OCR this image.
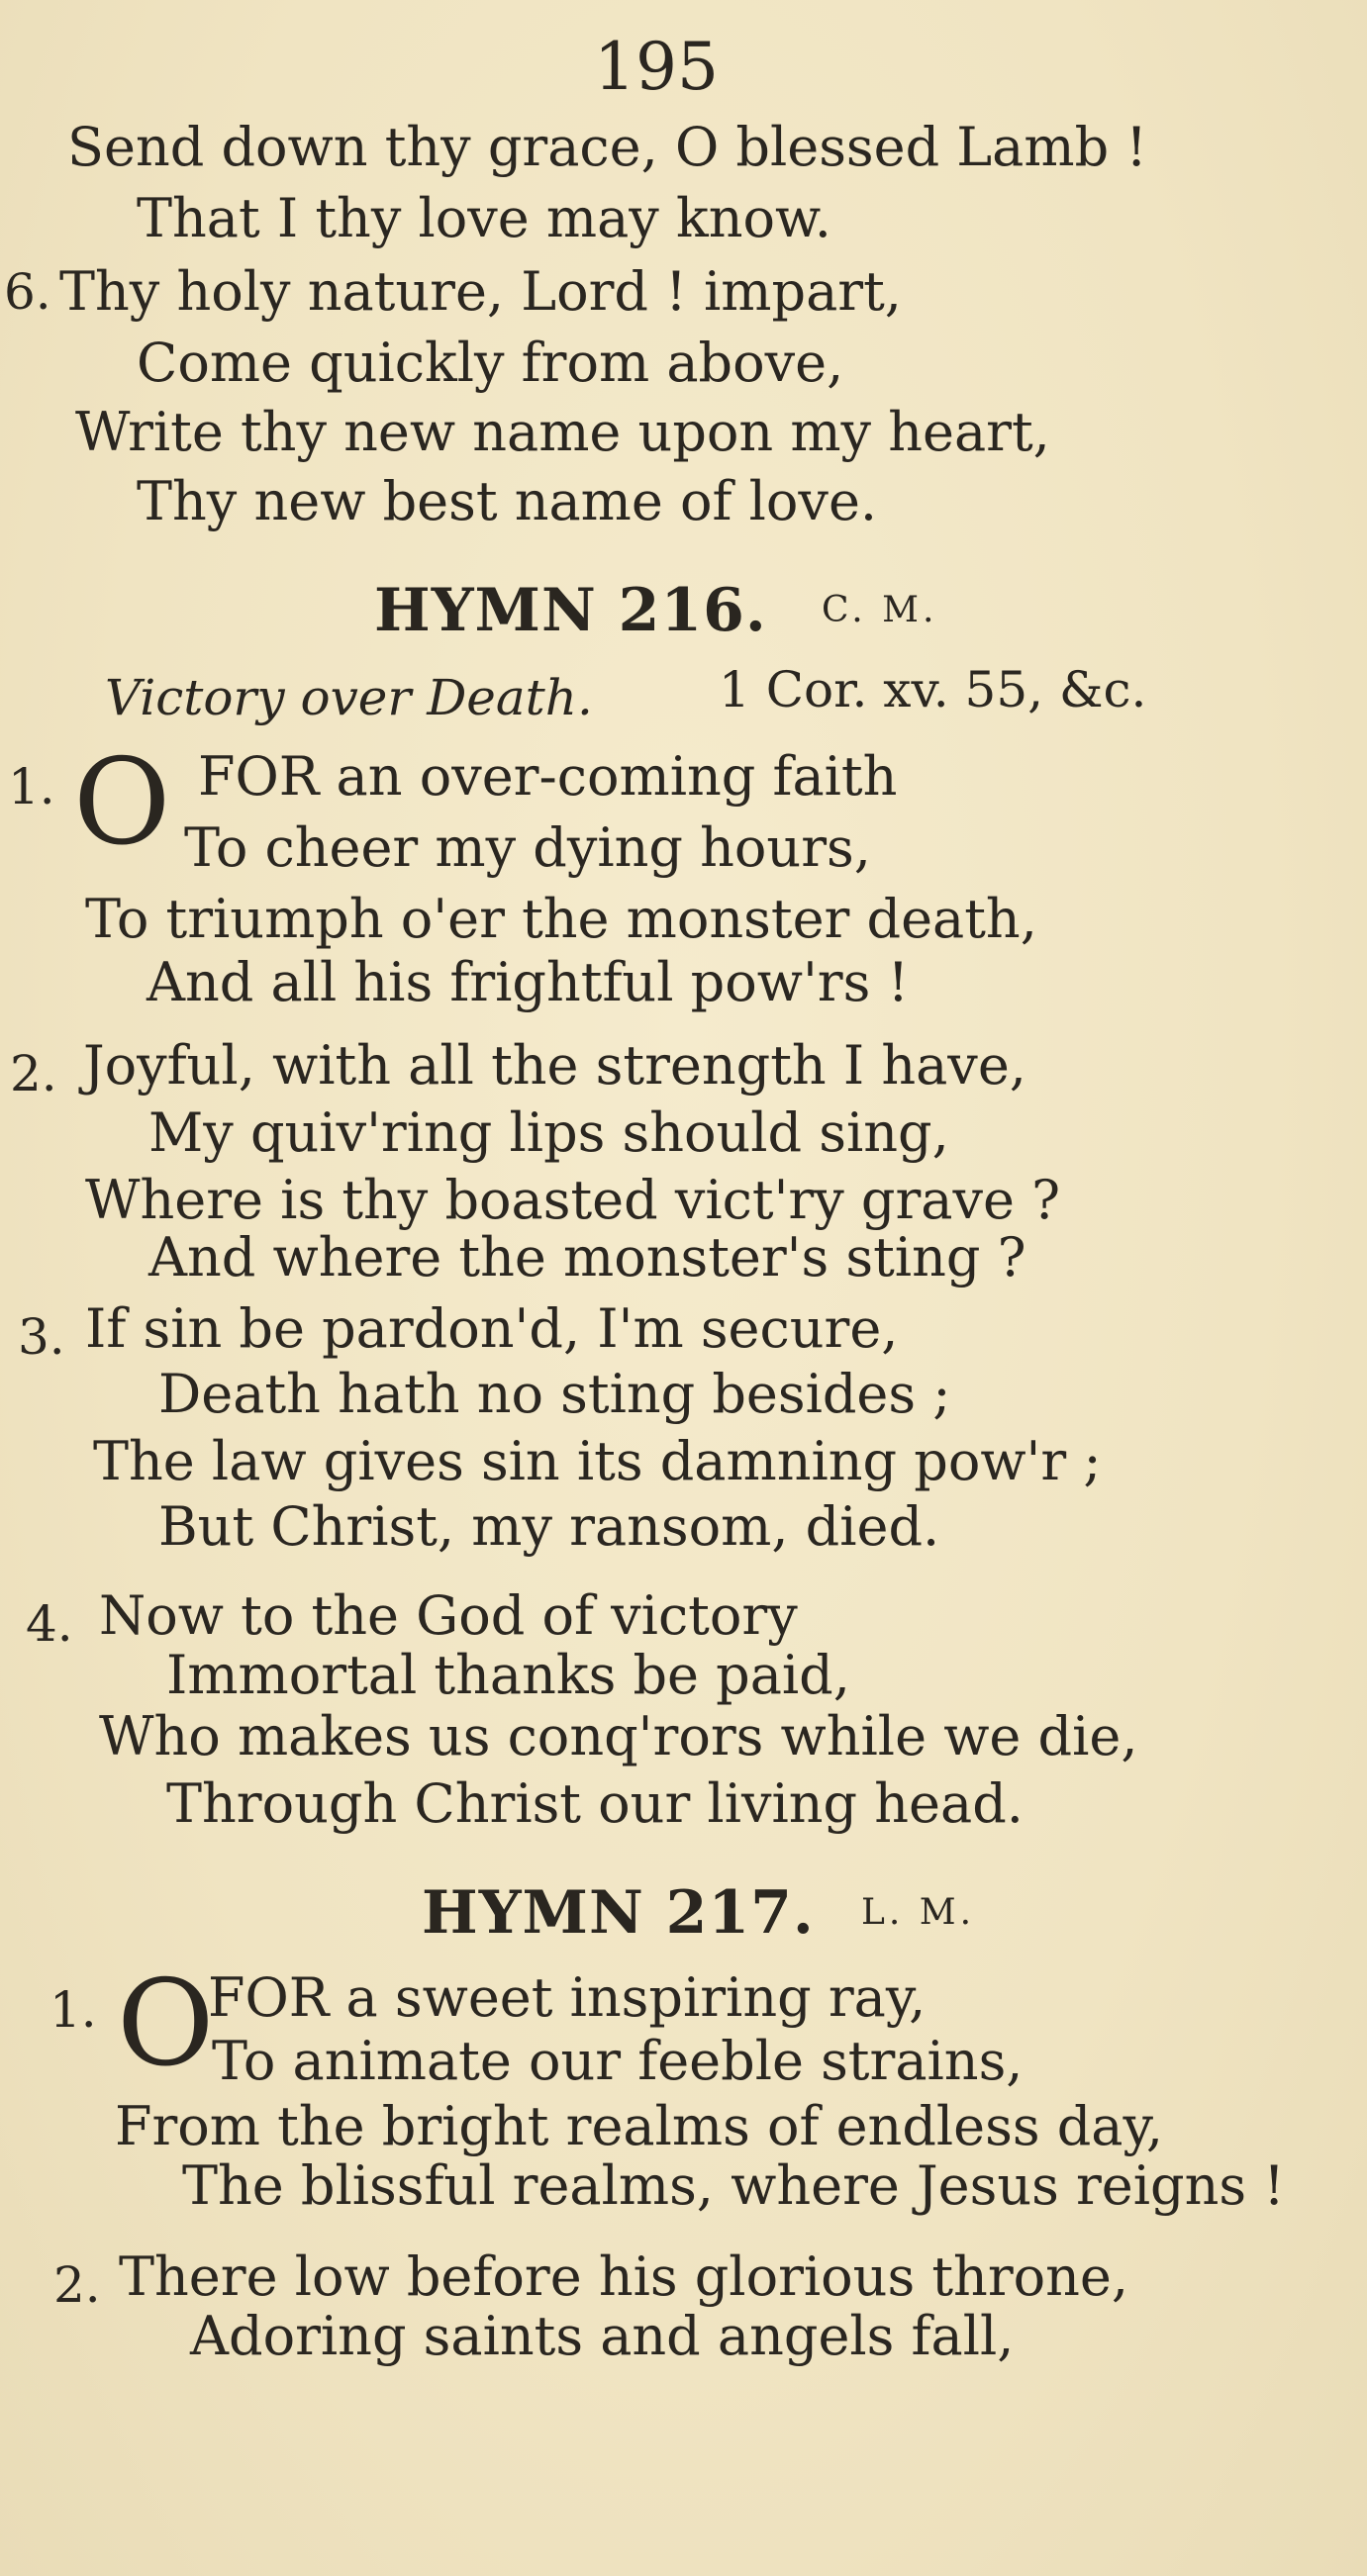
195
Send down thy grace, O blessed Lamb !
That I thy love may know.
6. Thy holy nature, Lord ! impart,
Come quickly from above,
Write thy new name upon my heart,
Thy new best name of love.
HYMN 216. C. M.
Victory over Death.	1 Cor. xv. 55, &c.
1. O FOR an over-coming faith
To cheer my dying hours,
To triumph o'er the monster death,
And all his frightful pow'rs !
2. Joyful, with all the strength I have,
My quiv'ring lips should sing,
Where is thy boasted vict'ry grave ?
And where the monster's sting ?
3. If sin be pardon'd, I'm secure,
Death hath no sting besides ;
The law gives sin its damning pow'r ;
But Christ, my ransom, died.
4. Now to the God of victory
Immortal thanks be paid,
Who makes us conq'rors while we die,
Through Christ our living head.
HYMN 217. L. M.
1. O
FOR a sweet inspiring ray,
To animate our feeble strains,
From the bright realms of endless day,
The blissful realms, where Jesus reigns !
2. There low before his glorious throne,
Adoring saints and angels fall,
